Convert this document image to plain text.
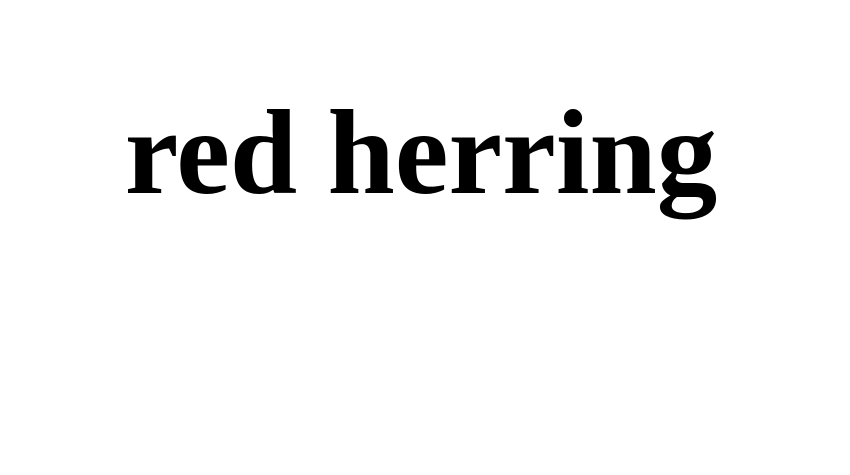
red herring
